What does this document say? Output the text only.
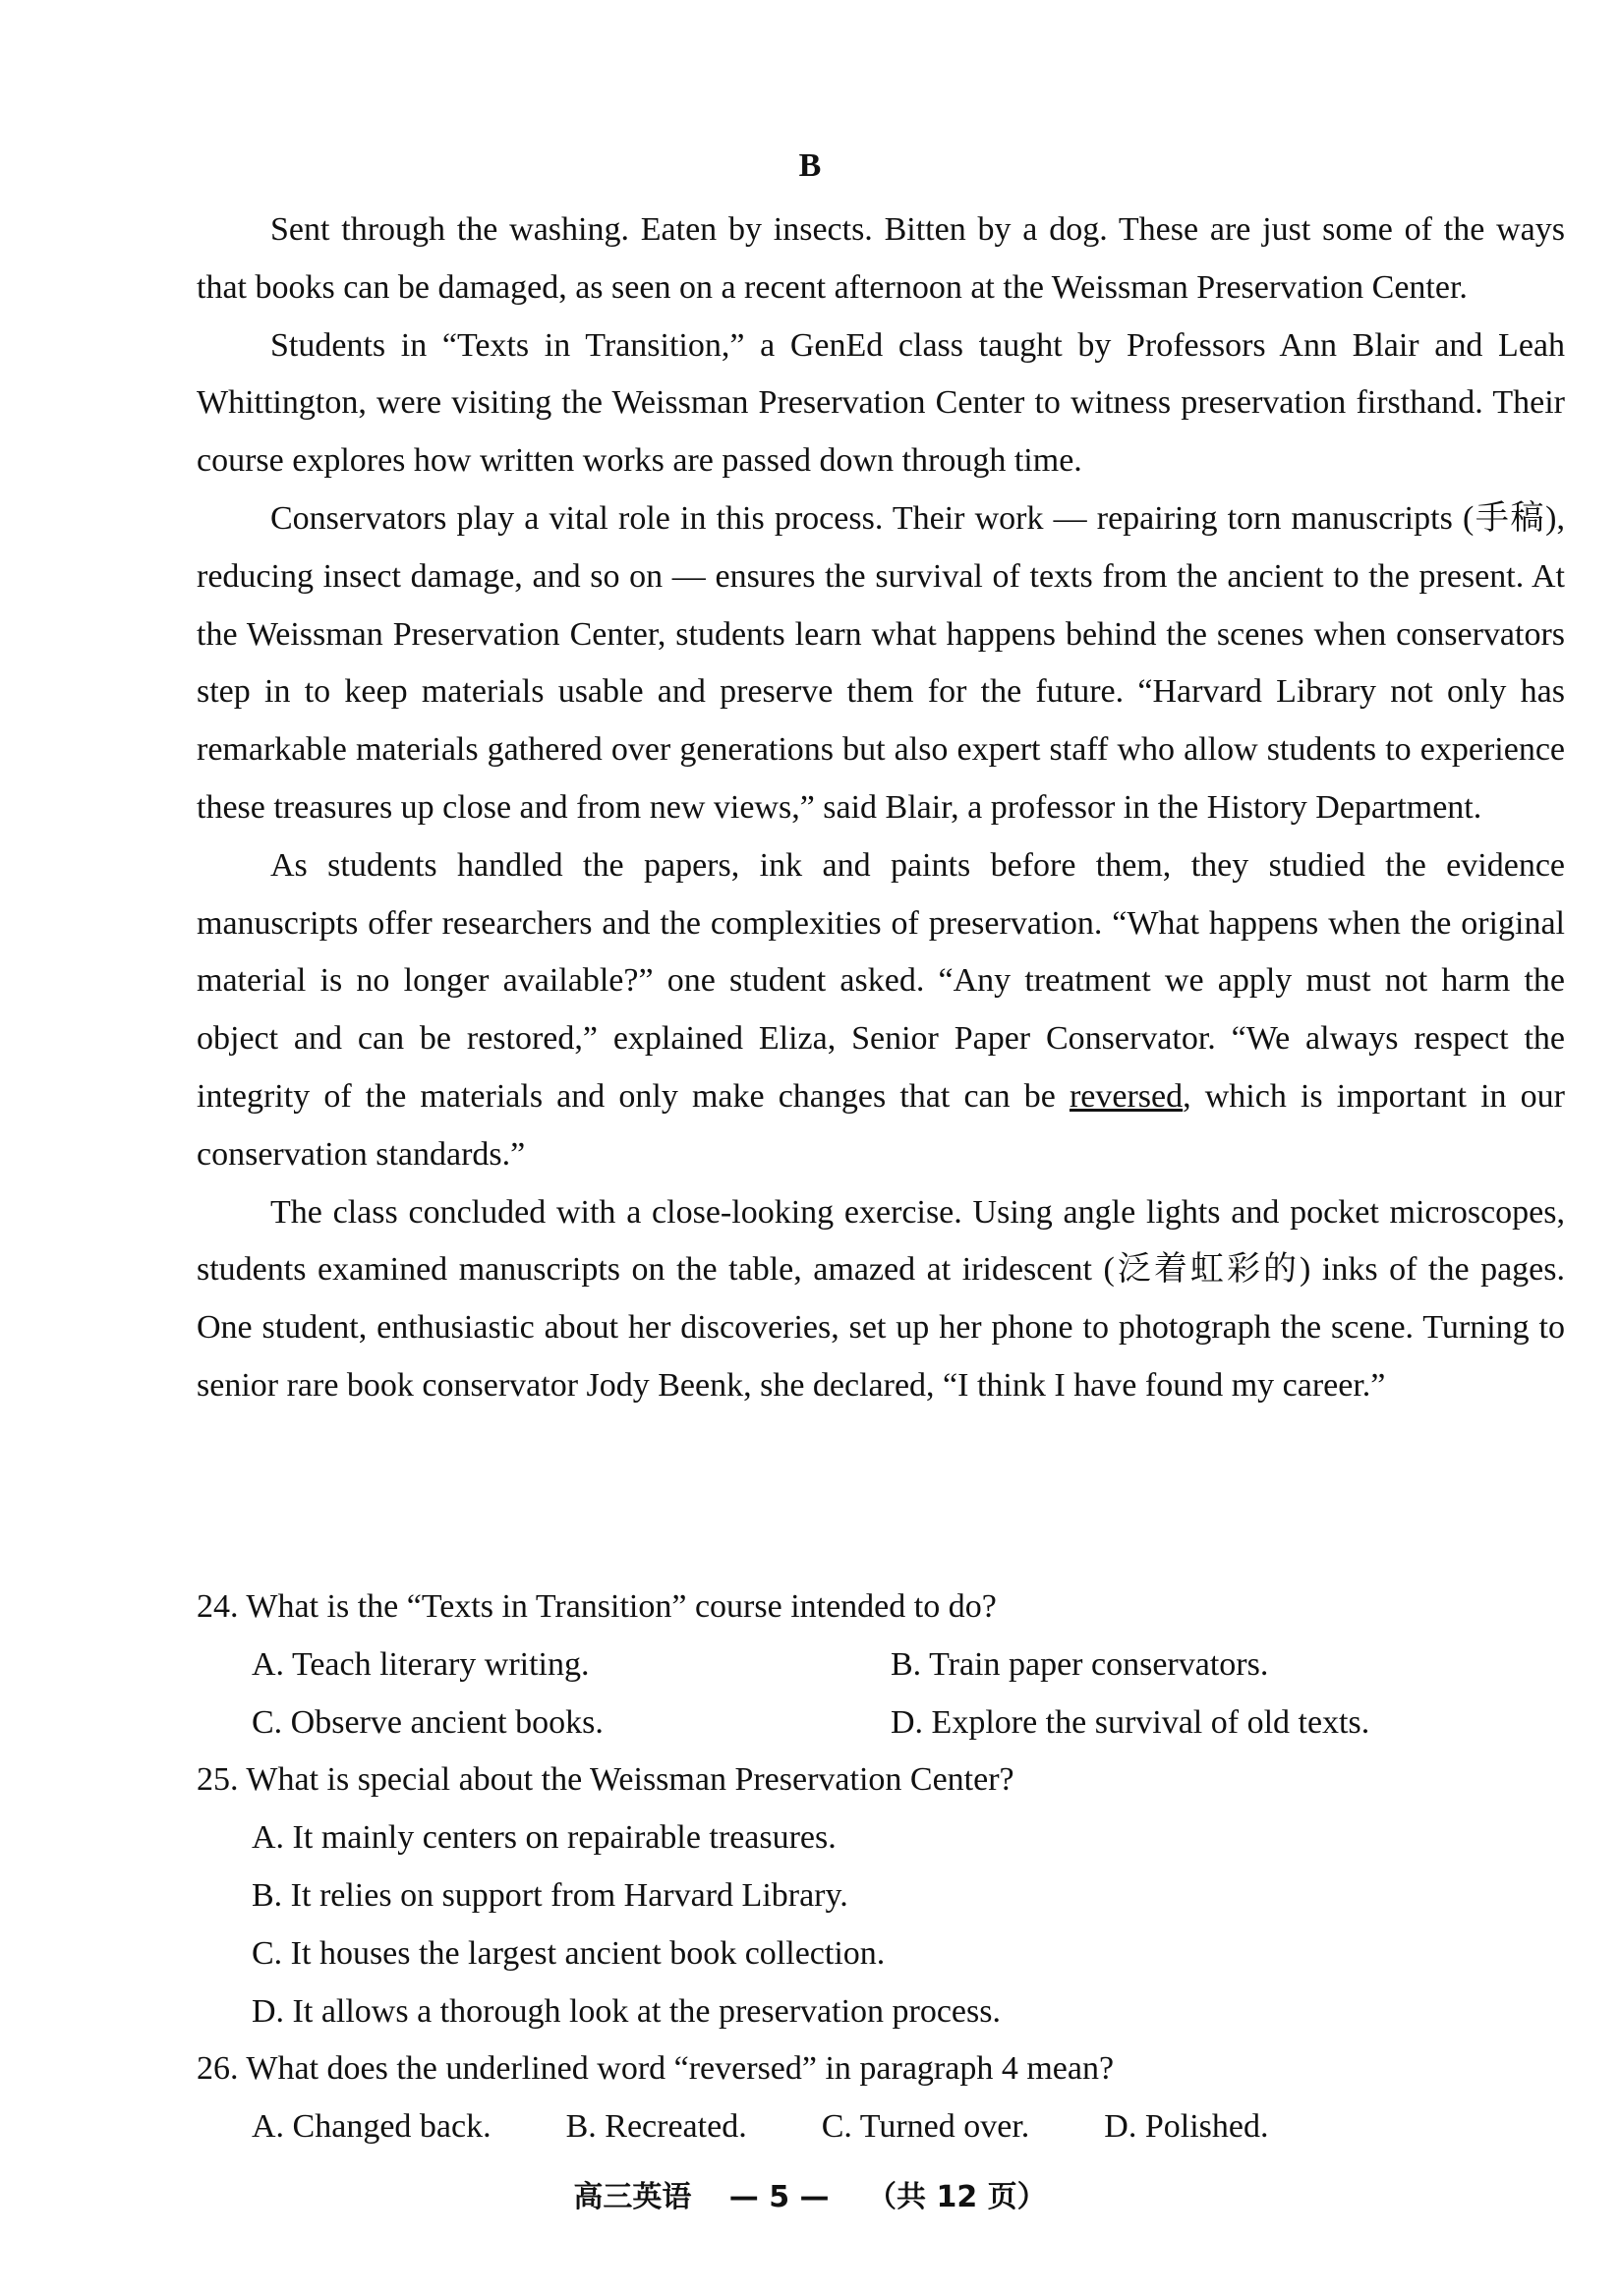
B

Sent through the washing. Eaten by insects. Bitten by a dog. These are just some of the ways that books can be damaged, as seen on a recent afternoon at the Weissman Preservation Center.

Students in “Texts in Transition,” a GenEd class taught by Professors Ann Blair and Leah Whittington, were visiting the Weissman Preservation Center to witness preservation firsthand. Their course explores how written works are passed down through time.

Conservators play a vital role in this process. Their work — repairing torn manuscripts (手稿), reducing insect damage, and so on — ensures the survival of texts from the ancient to the present. At the Weissman Preservation Center, students learn what happens behind the scenes when conservators step in to keep materials usable and preserve them for the future. “Harvard Library not only has remarkable materials gathered over generations but also expert staff who allow students to experience these treasures up close and from new views,” said Blair, a professor in the History Department.

As students handled the papers, ink and paints before them, they studied the evidence manuscripts offer researchers and the complexities of preservation. “What happens when the original material is no longer available?” one student asked. “Any treatment we apply must not harm the object and can be restored,” explained Eliza, Senior Paper Conservator. “We always respect the integrity of the materials and only make changes that can be reversed, which is important in our conservation standards.”

The class concluded with a close-looking exercise. Using angle lights and pocket microscopes, students examined manuscripts on the table, amazed at iridescent (泛着虹彩的) inks of the pages. One student, enthusiastic about her discoveries, set up her phone to photograph the scene. Turning to senior rare book conservator Jody Beenk, she declared, “I think I have found my career.”

24. What is the “Texts in Transition” course intended to do?

A. Teach literary writing.	B. Train paper conservators.
C. Observe ancient books.	D. Explore the survival of old texts.

25. What is special about the Weissman Preservation Center?

A. It mainly centers on repairable treasures.
B. It relies on support from Harvard Library.
C. It houses the largest ancient book collection.
D. It allows a thorough look at the preservation process.

26. What does the underlined word “reversed” in paragraph 4 mean?

A. Changed back. B. Recreated. C. Turned over. D. Polished.
高三英语 — 5 — （共 12 页）
